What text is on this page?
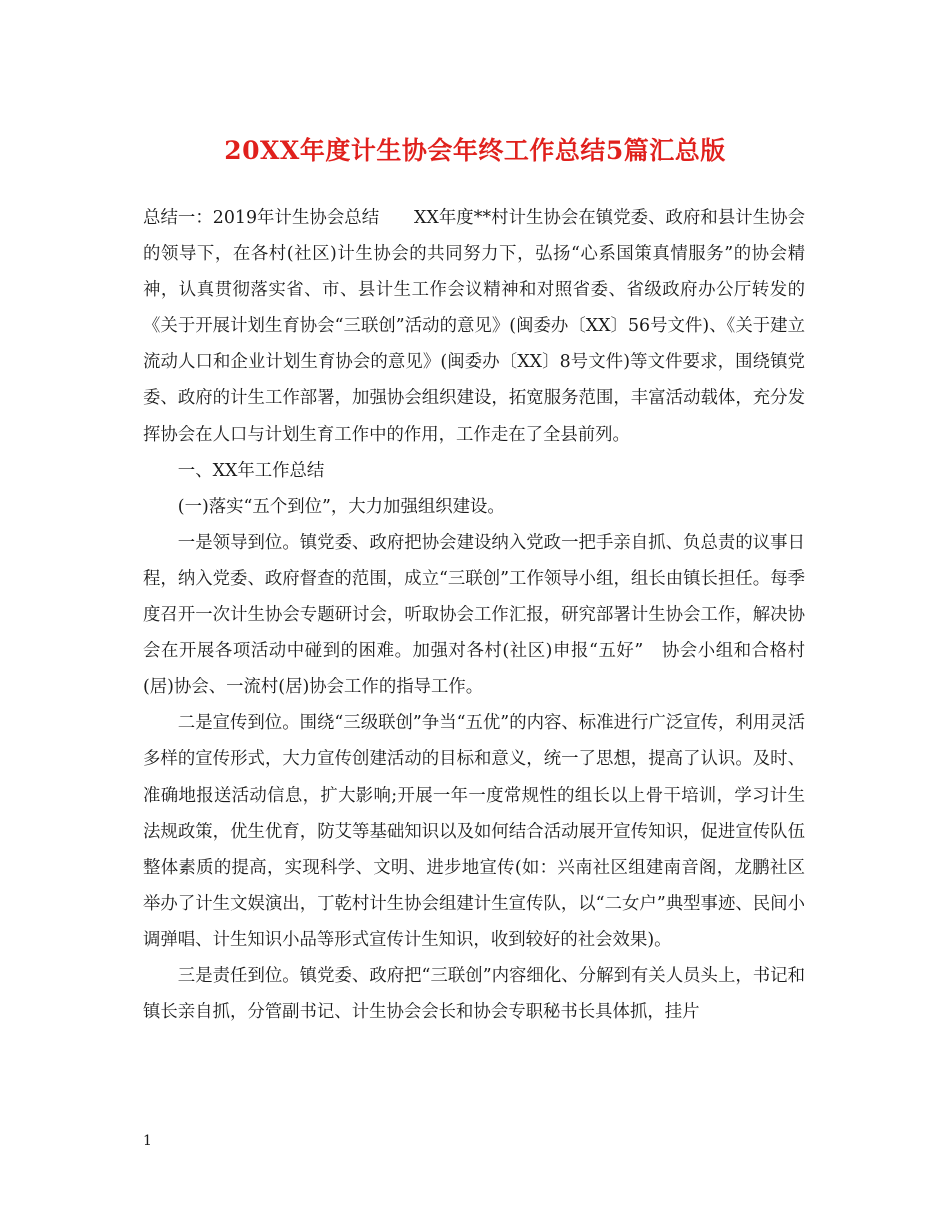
20XX年度计生协会年终工作总结5篇汇总版

总结一：2019年计生协会总结　　XX年度**村计生协会在镇党委、政府和县计生协会的领导下，在各村(社区)计生协会的共同努力下，弘扬“心系国策真情服务”的协会精神，认真贯彻落实省、市、县计生工作会议精神和对照省委、省级政府办公厅转发的《关于开展计划生育协会“三联创”活动的意见》(闽委办〔XX〕56号文件)、《关于建立流动人口和企业计划生育协会的意见》(闽委办〔XX〕8号文件)等文件要求，围绕镇党委、政府的计生工作部署，加强协会组织建设，拓宽服务范围，丰富活动载体，充分发挥协会在人口与计划生育工作中的作用，工作走在了全县前列。

一、XX年工作总结

(一)落实“五个到位”，大力加强组织建设。

一是领导到位。镇党委、政府把协会建设纳入党政一把手亲自抓、负总责的议事日程，纳入党委、政府督查的范围，成立“三联创”工作领导小组，组长由镇长担任。每季度召开一次计生协会专题研讨会，听取协会工作汇报，研究部署计生协会工作，解决协会在开展各项活动中碰到的困难。加强对各村(社区)申报“五好”　协会小组和合格村(居)协会、一流村(居)协会工作的指导工作。

二是宣传到位。围绕“三级联创”争当“五优”的内容、标准进行广泛宣传，利用灵活多样的宣传形式，大力宣传创建活动的目标和意义，统一了思想，提高了认识。及时、准确地报送活动信息，扩大影响;开展一年一度常规性的组长以上骨干培训，学习计生法规政策，优生优育，防艾等基础知识以及如何结合活动展开宣传知识，促进宣传队伍整体素质的提高，实现科学、文明、进步地宣传(如：兴南社区组建南音阁，龙鹏社区举办了计生文娱演出，丁乾村计生协会组建计生宣传队，以“二女户”典型事迹、民间小调弹唱、计生知识小品等形式宣传计生知识，收到较好的社会效果)。

三是责任到位。镇党委、政府把“三联创”内容细化、分解到有关人员头上，书记和镇长亲自抓，分管副书记、计生协会会长和协会专职秘书长具体抓，挂片

1
